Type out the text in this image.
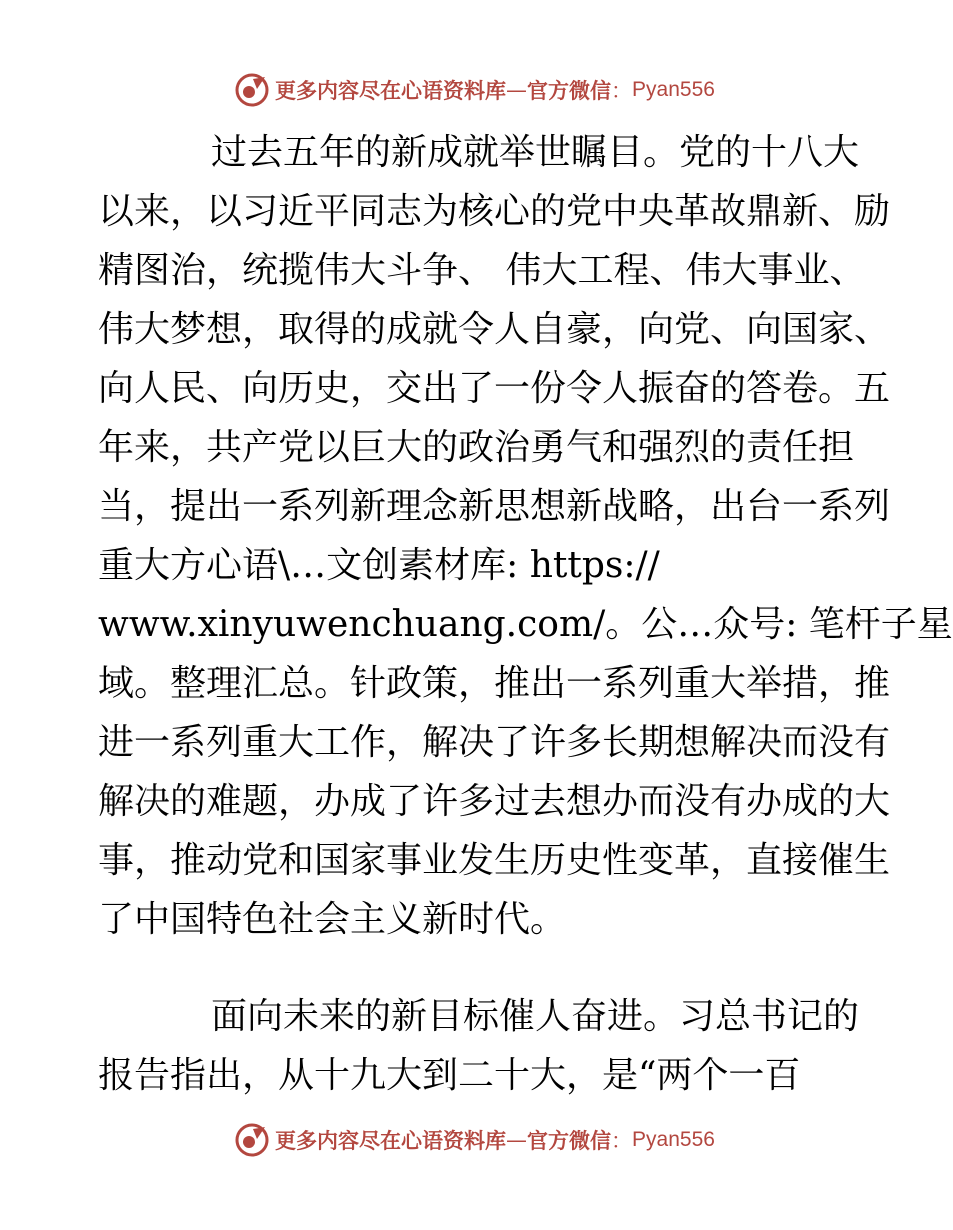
更多内容尽在心语资料库 — 官方微信 ： Pyan556
过去五年的新成就举世瞩目。党的十八大
以来，以习近平同志为核心的党中央革故鼎新、励
精图治，统揽伟大斗争、 伟大工程、伟大事业、
伟大梦想，取得的成就令人自豪，向党、向国家、
向人民、向历史，交出了一份令人振奋的答卷。五
年来，共产党以巨大的政治勇气和强烈的责任担
当，提出一系列新理念新思想新战略，出台一系列
重大方心语\…文创素材库: https://
www.xinyuwenchuang.com/。公…众号: 笔杆子星
域。整理汇总。针政策，推出一系列重大举措，推
进一系列重大工作，解决了许多长期想解决而没有
解决的难题，办成了许多过去想办而没有办成的大
事，推动党和国家事业发生历史性变革，直接催生
了中国特色社会主义新时代。
面向未来的新目标催人奋进。习总书记的
报告指出，从十九大到二十大，是“两个一百
更多内容尽在心语资料库 — 官方微信 ： Pyan556
